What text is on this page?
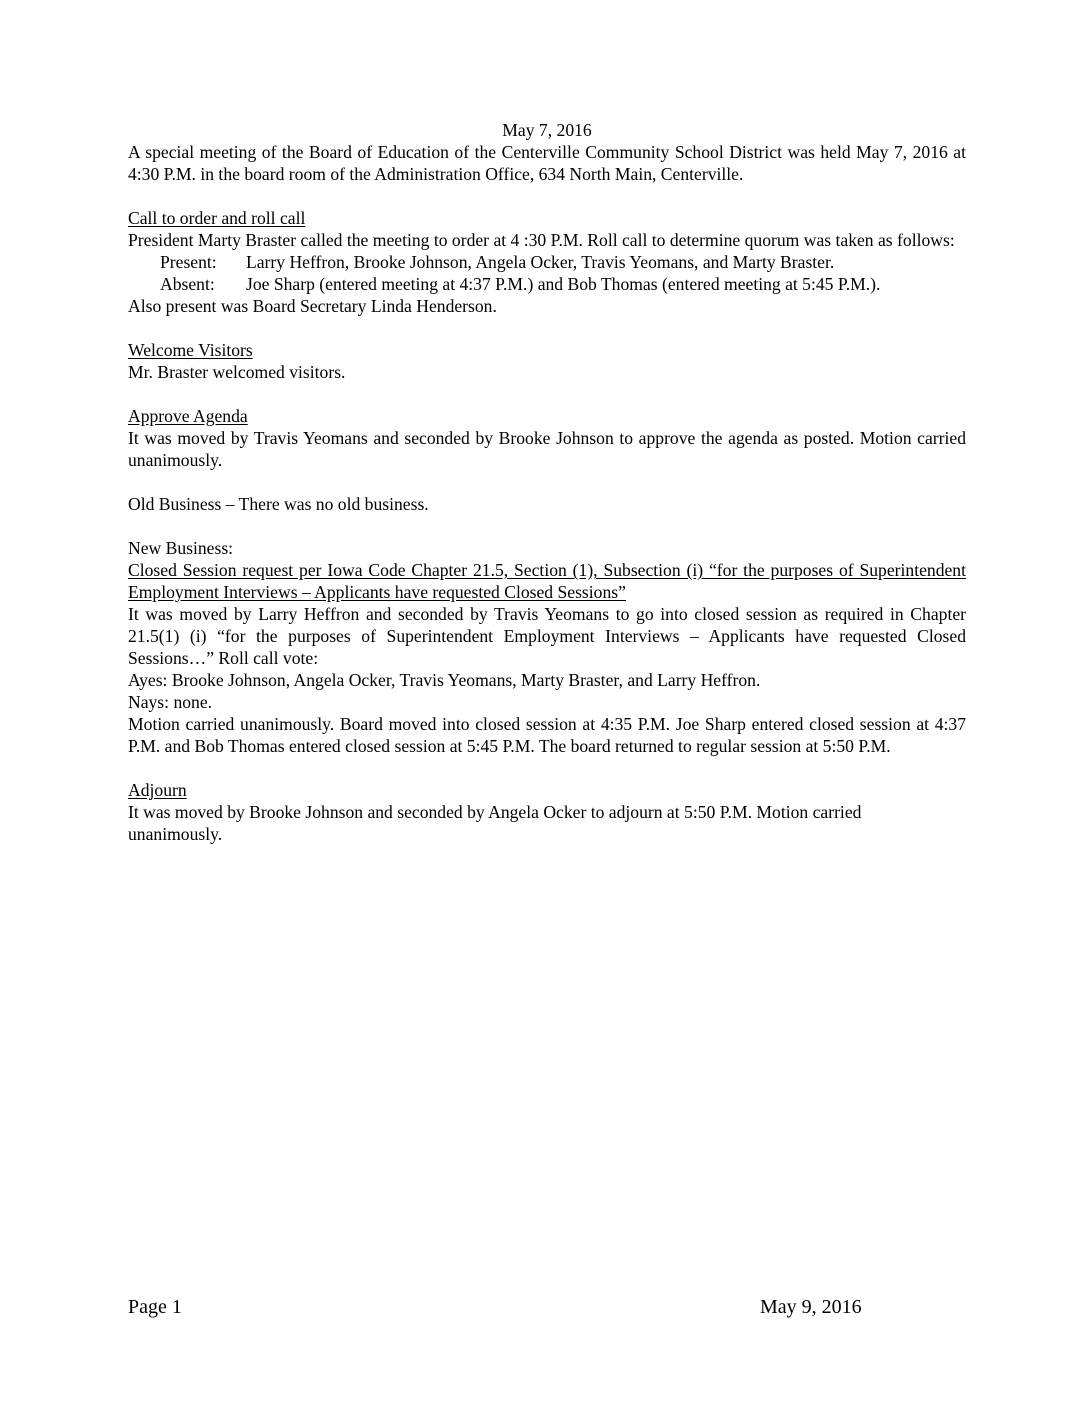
May 7, 2016

A special meeting of the Board of Education of the Centerville Community School District was held May 7, 2016 at 4:30 P.M. in the board room of the Administration Office, 634 North Main, Centerville.

Call to order and roll call

President Marty Braster called the meeting to order at 4 :30 P.M. Roll call to determine quorum was taken as follows:

Present:	Larry Heffron, Brooke Johnson, Angela Ocker, Travis Yeomans, and Marty Braster.
Absent:	Joe Sharp (entered meeting at 4:37 P.M.) and Bob Thomas (entered meeting at 5:45 P.M.).

Also present was Board Secretary Linda Henderson.

Welcome Visitors

Mr. Braster welcomed visitors.

Approve Agenda

It was moved by Travis Yeomans and seconded by Brooke Johnson to approve the agenda as posted. Motion carried unanimously.

Old Business – There was no old business.

New Business:

Closed Session request per Iowa Code Chapter 21.5, Section (1), Subsection (i) “for the purposes of Superintendent Employment Interviews – Applicants have requested Closed Sessions”

It was moved by Larry Heffron and seconded by Travis Yeomans to go into closed session as required in Chapter 21.5(1) (i) “for the purposes of Superintendent Employment Interviews – Applicants have requested Closed Sessions…” Roll call vote:

Ayes: Brooke Johnson, Angela Ocker, Travis Yeomans, Marty Braster, and Larry Heffron.

Nays: none.

Motion carried unanimously. Board moved into closed session at 4:35 P.M. Joe Sharp entered closed session at 4:37 P.M. and Bob Thomas entered closed session at 5:45 P.M. The board returned to regular session at 5:50 P.M.

Adjourn

It was moved by Brooke Johnson and seconded by Angela Ocker to adjourn at 5:50 P.M. Motion carried unanimously.

Page 1	May 9, 2016
